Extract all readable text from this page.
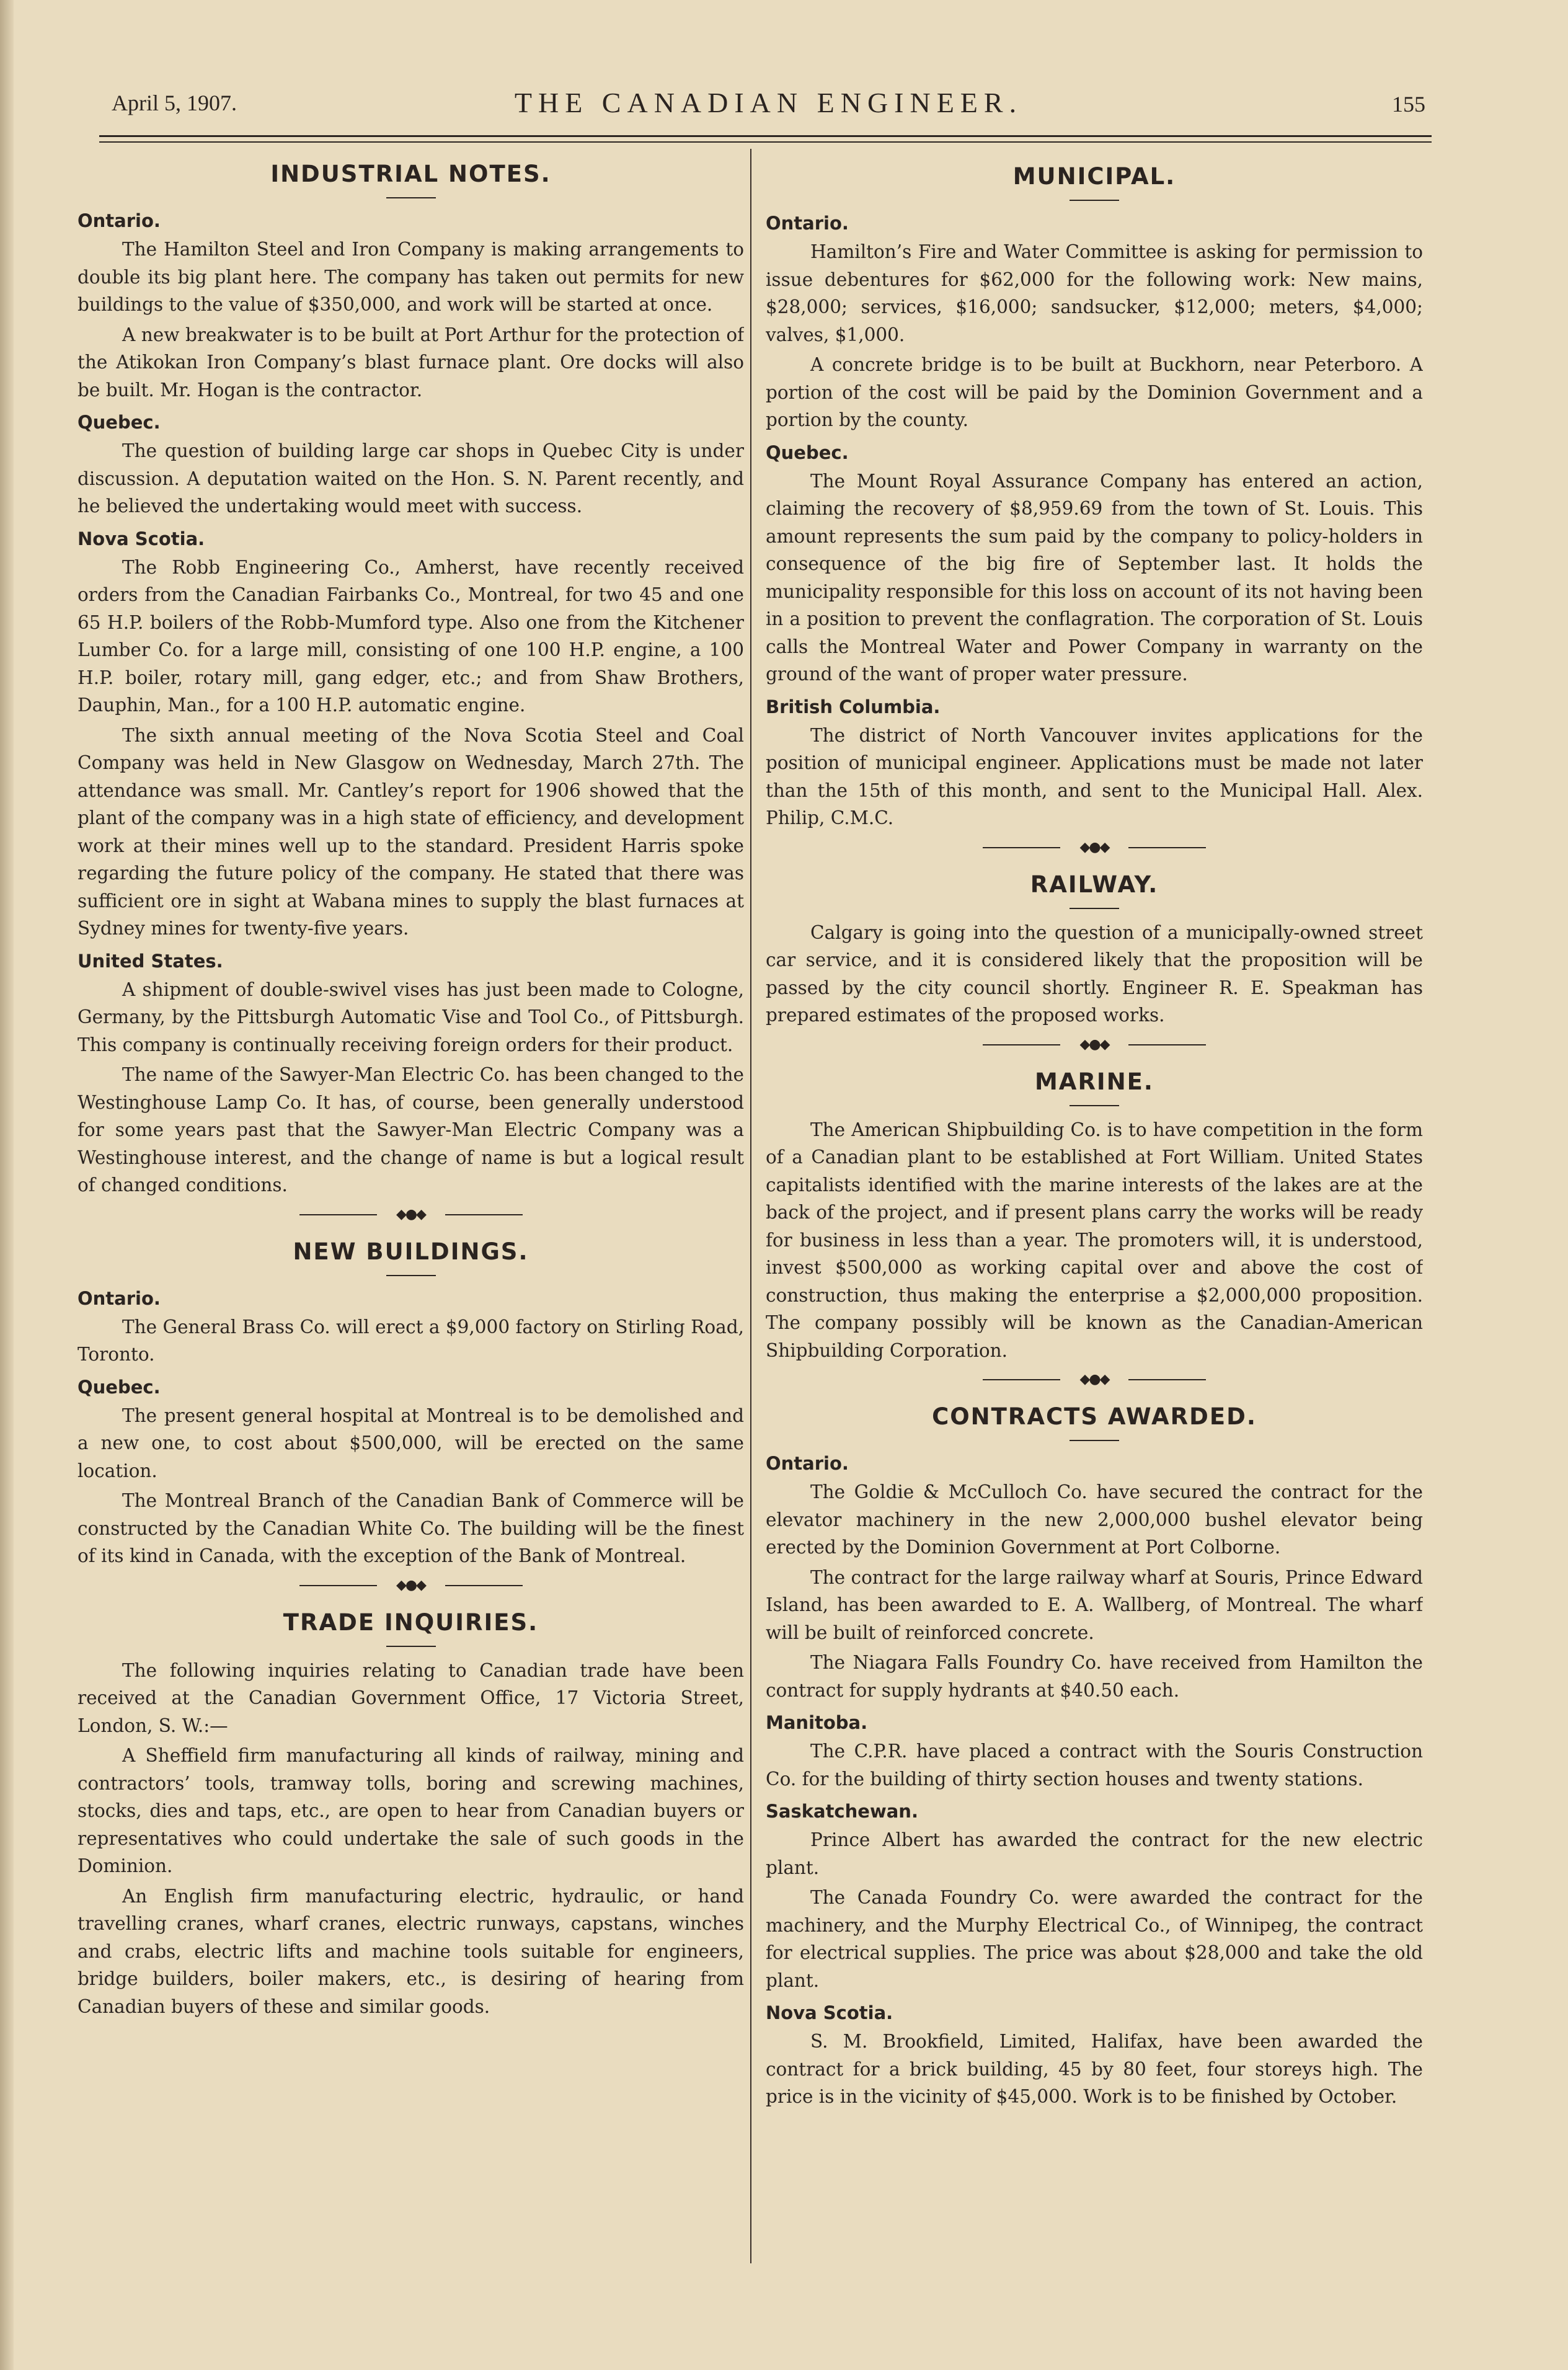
April 5, 1907.	THE CANADIAN ENGINEER.	155
INDUSTRIAL NOTES.
Ontario.

The Hamilton Steel and Iron Company is making arrangements to double its big plant here. The company has taken out permits for new buildings to the value of $350,000, and work will be started at once.

A new breakwater is to be built at Port Arthur for the protection of the Atikokan Iron Company’s blast furnace plant. Ore docks will also be built. Mr. Hogan is the contractor.

Quebec.

The question of building large car shops in Quebec City is under discussion. A deputation waited on the Hon. S. N. Parent recently, and he believed the undertaking would meet with success.

Nova Scotia.

The Robb Engineering Co., Amherst, have recently received orders from the Canadian Fairbanks Co., Montreal, for two 45 and one 65 H.P. boilers of the Robb-Mumford type. Also one from the Kitchener Lumber Co. for a large mill, consisting of one 100 H.P. engine, a 100 H.P. boiler, rotary mill, gang edger, etc.; and from Shaw Brothers, Dauphin, Man., for a 100 H.P. automatic engine.

The sixth annual meeting of the Nova Scotia Steel and Coal Company was held in New Glasgow on Wednesday, March 27th. The attendance was small. Mr. Cantley’s report for 1906 showed that the plant of the company was in a high state of efficiency, and development work at their mines well up to the standard. President Harris spoke regarding the future policy of the company. He stated that there was sufficient ore in sight at Wabana mines to supply the blast furnaces at Sydney mines for twenty-five years.

United States.

A shipment of double-swivel vises has just been made to Cologne, Germany, by the Pittsburgh Automatic Vise and Tool Co., of Pittsburgh. This company is continually receiving foreign orders for their product.

The name of the Sawyer-Man Electric Co. has been changed to the Westinghouse Lamp Co. It has, of course, been generally understood for some years past that the Sawyer-Man Electric Company was a Westinghouse interest, and the change of name is but a logical result of changed conditions.

◆●◆
NEW BUILDINGS.
Ontario.

The General Brass Co. will erect a $9,000 factory on Stirling Road, Toronto.

Quebec.

The present general hospital at Montreal is to be demolished and a new one, to cost about $500,000, will be erected on the same location.

The Montreal Branch of the Canadian Bank of Commerce will be constructed by the Canadian White Co. The building will be the finest of its kind in Canada, with the exception of the Bank of Montreal.

◆●◆
TRADE INQUIRIES.

The following inquiries relating to Canadian trade have been received at the Canadian Government Office, 17 Victoria Street, London, S. W.:—

A Sheffield firm manufacturing all kinds of railway, mining and contractors’ tools, tramway tolls, boring and screwing machines, stocks, dies and taps, etc., are open to hear from Canadian buyers or representatives who could undertake the sale of such goods in the Dominion.

An English firm manufacturing electric, hydraulic, or hand travelling cranes, wharf cranes, electric runways, capstans, winches and crabs, electric lifts and machine tools suitable for engineers, bridge builders, boiler makers, etc., is desiring of hearing from Canadian buyers of these and similar goods.

MUNICIPAL.
Ontario.

Hamilton’s Fire and Water Committee is asking for permission to issue debentures for $62,000 for the following work: New mains, $28,000; services, $16,000; sandsucker, $12,000; meters, $4,000; valves, $1,000.

A concrete bridge is to be built at Buckhorn, near Peterboro. A portion of the cost will be paid by the Dominion Government and a portion by the county.

Quebec.

The Mount Royal Assurance Company has entered an action, claiming the recovery of $8,959.69 from the town of St. Louis. This amount represents the sum paid by the company to policy-holders in consequence of the big fire of September last. It holds the municipality responsible for this loss on account of its not having been in a position to prevent the conflagration. The corporation of St. Louis calls the Montreal Water and Power Company in warranty on the ground of the want of proper water pressure.

British Columbia.

The district of North Vancouver invites applications for the position of municipal engineer. Applications must be made not later than the 15th of this month, and sent to the Municipal Hall. Alex. Philip, C.M.C.

◆●◆
RAILWAY.

Calgary is going into the question of a municipally-owned street car service, and it is considered likely that the proposition will be passed by the city council shortly. Engineer R. E. Speakman has prepared estimates of the proposed works.

◆●◆
MARINE.

The American Shipbuilding Co. is to have competition in the form of a Canadian plant to be established at Fort William. United States capitalists identified with the marine interests of the lakes are at the back of the project, and if present plans carry the works will be ready for business in less than a year. The promoters will, it is understood, invest $500,000 as working capital over and above the cost of construction, thus making the enterprise a $2,000,000 proposition. The company possibly will be known as the Canadian-American Shipbuilding Corporation.

◆●◆
CONTRACTS AWARDED.
Ontario.

The Goldie & McCulloch Co. have secured the contract for the elevator machinery in the new 2,000,000 bushel elevator being erected by the Dominion Government at Port Colborne.

The contract for the large railway wharf at Souris, Prince Edward Island, has been awarded to E. A. Wallberg, of Montreal. The wharf will be built of reinforced concrete.

The Niagara Falls Foundry Co. have received from Hamilton the contract for supply hydrants at $40.50 each.

Manitoba.

The C.P.R. have placed a contract with the Souris Construction Co. for the building of thirty section houses and twenty stations.

Saskatchewan.

Prince Albert has awarded the contract for the new electric plant.

The Canada Foundry Co. were awarded the contract for the machinery, and the Murphy Electrical Co., of Winnipeg, the contract for electrical supplies. The price was about $28,000 and take the old plant.

Nova Scotia.

S. M. Brookfield, Limited, Halifax, have been awarded the contract for a brick building, 45 by 80 feet, four storeys high. The price is in the vicinity of $45,000. Work is to be finished by October.
